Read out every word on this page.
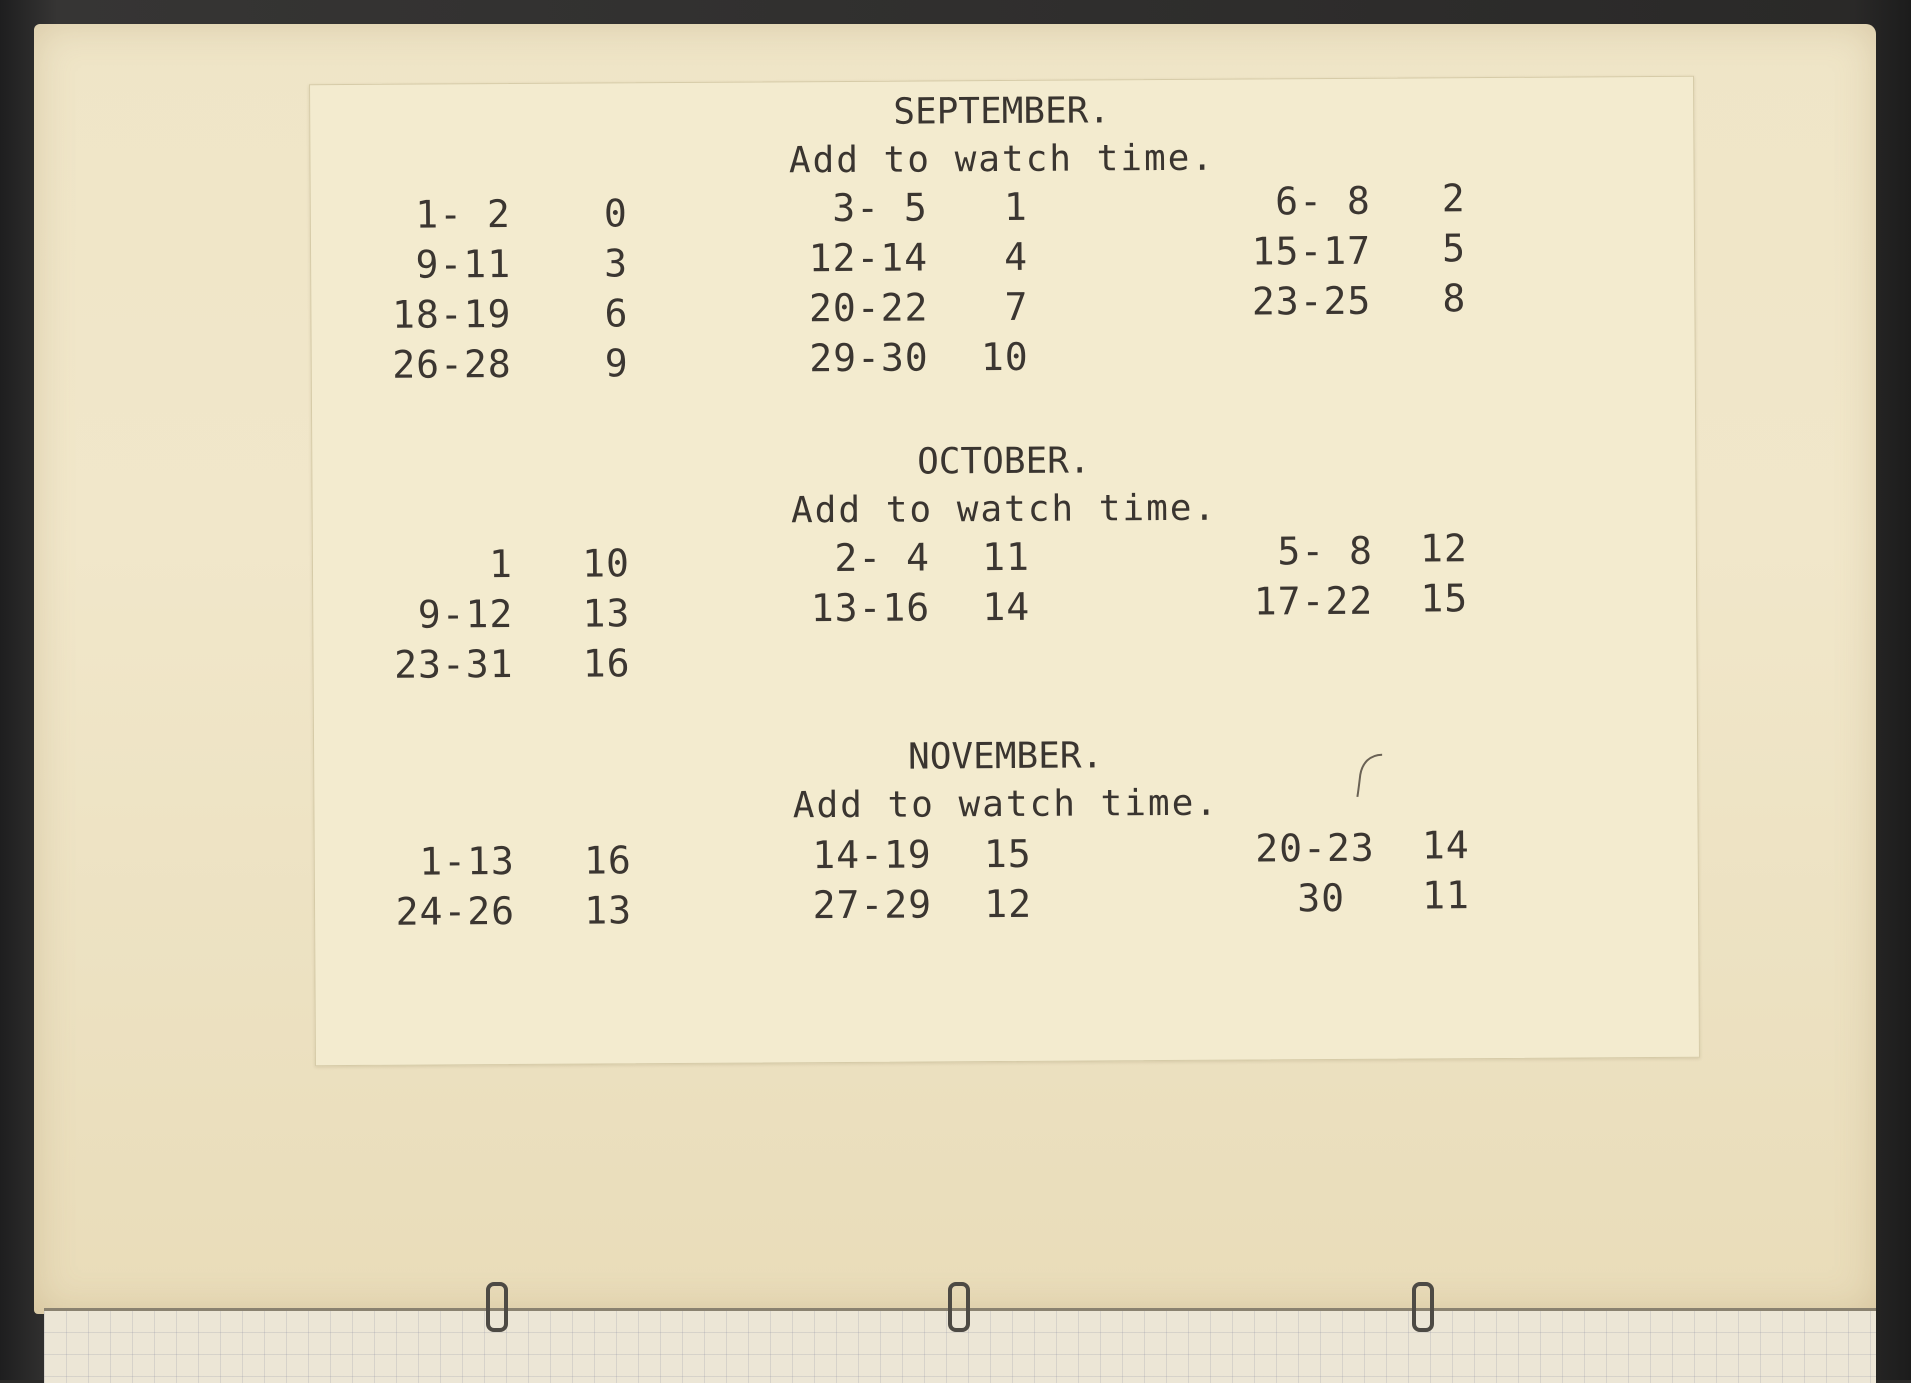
SEPTEMBER.
Add to watch time.
1- 2	0	3- 5	1	6- 8	2
9-11	3	12-14	4	15-17	5
18-19	6	20-22	7	23-25	8
26-28	9	29-30	10
OCTOBER.
Add to watch time.
1	10	2- 4	11	5- 8	12
9-12	13	13-16	14	17-22	15
23-31	16
NOVEMBER.
Add to watch time.
1-13	16	14-19	15	20-23	14
24-26	13	27-29	12	30	11
